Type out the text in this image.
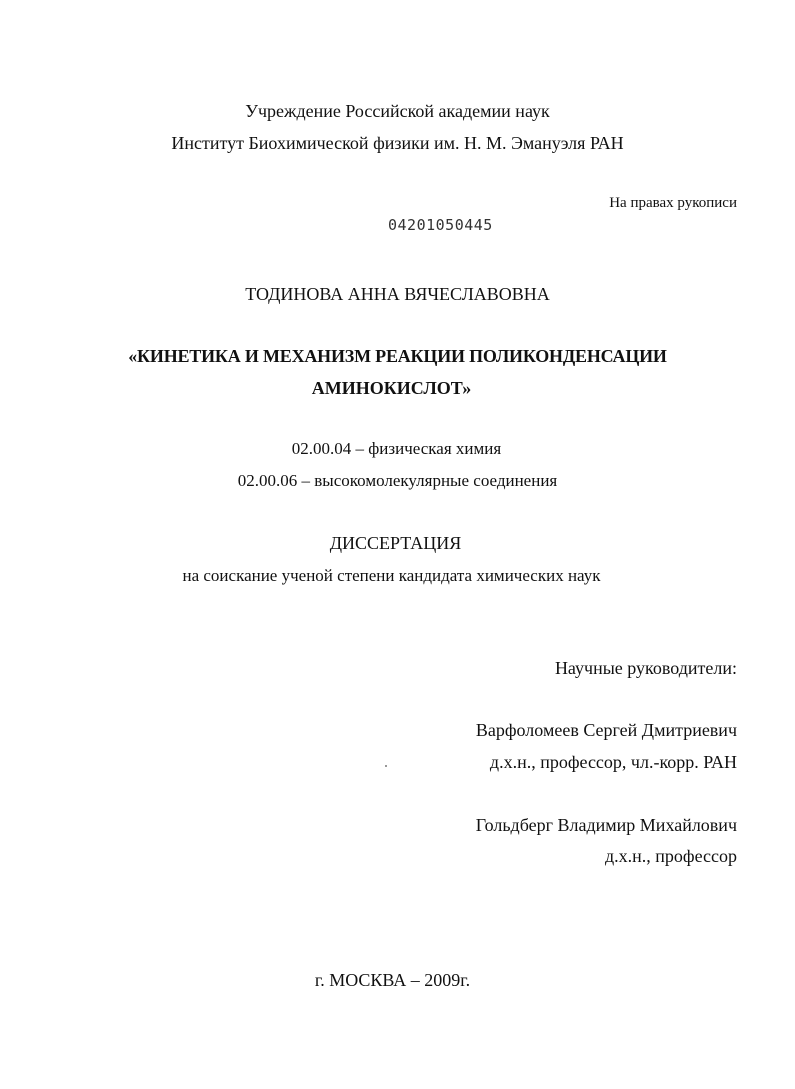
Учреждение Российской академии наук
Институт Биохимической физики им. Н. М. Эмануэля РАН
На правах рукописи
04201050445
ТОДИНОВА АННА ВЯЧЕСЛАВОВНА
«КИНЕТИКА И МЕХАНИЗМ РЕАКЦИИ ПОЛИКОНДЕНСАЦИИ
АМИНОКИСЛОТ»
02.00.04 – физическая химия
02.00.06 – высокомолекулярные соединения
ДИССЕРТАЦИЯ
на соискание ученой степени кандидата химических наук
Научные руководители:
Варфоломеев Сергей Дмитриевич
д.х.н., профессор, чл.-корр. РАН
Гольдберг Владимир Михайлович
д.х.н., профессор
г. МОСКВА – 2009г.
